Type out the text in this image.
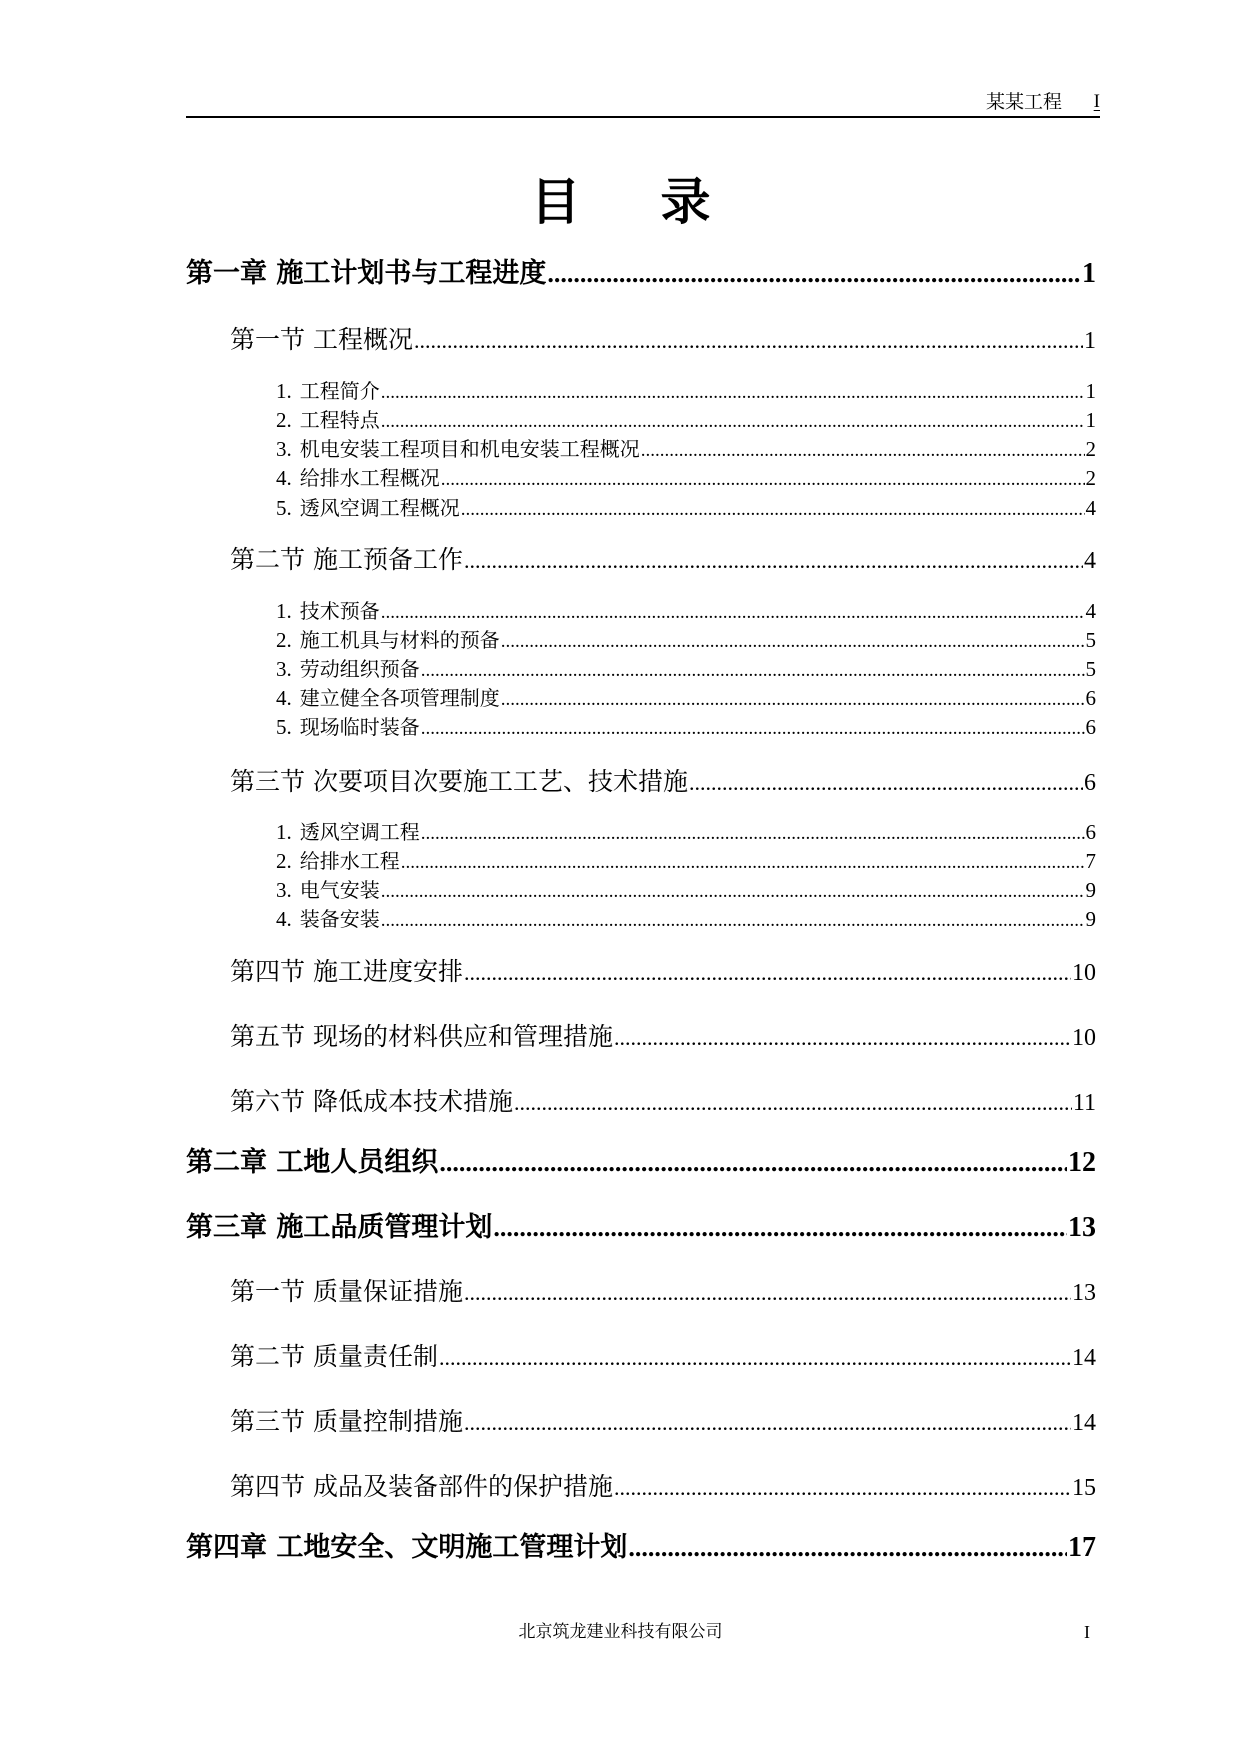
某某工程 I
目录
第一章 施工计划书与工程进度 .....	1
第一节 工程概况 .....	1
1. 工程简介 .....	1
2. 工程特点 .....	1
3. 机电安装工程项目和机电安装工程概况 .....	2
4. 给排水工程概况 .....	2
5. 透风空调工程概况 .....	4
第二节 施工预备工作 .....	4
1. 技术预备 .....	4
2. 施工机具与材料的预备 .....	5
3. 劳动组织预备 .....	5
4. 建立健全各项管理制度 .....	6
5. 现场临时装备 .....	6
第三节 次要项目次要施工工艺、技术措施 .....	6
1. 透风空调工程 .....	6
2. 给排水工程 .....	7
3. 电气安装 .....	9
4. 装备安装 .....	9
第四节 施工进度安排 .....	10
第五节 现场的材料供应和管理措施 .....	10
第六节 降低成本技术措施 .....	11
第二章 工地人员组织 .....	12
第三章 施工品质管理计划 .....	13
第一节 质量保证措施 .....	13
第二节 质量责任制 .....	14
第三节 质量控制措施 .....	14
第四节 成品及装备部件的保护措施 .....	15
第四章 工地安全、文明施工管理计划 .....	17
北京筑龙建业科技有限公司	I
